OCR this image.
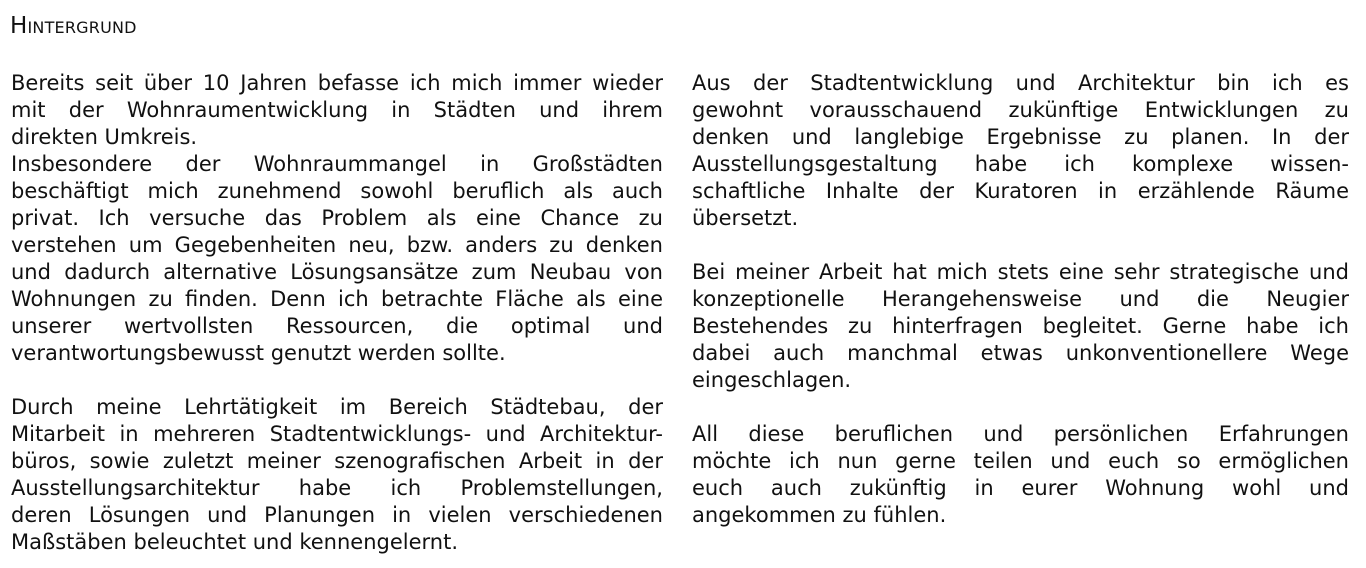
Hintergrund
Bereits seit über 10 Jahren befasse ich mich immer wieder
mit der Wohnraumentwicklung in Städten und ihrem
direkten Umkreis.
Insbesondere der Wohnraummangel in Großstädten
beschäftigt mich zunehmend sowohl beruflich als auch
privat. Ich versuche das Problem als eine Chance zu
verstehen um Gegebenheiten neu, bzw. anders zu denken
und dadurch alternative Lösungsansätze zum Neubau von
Wohnungen zu finden. Denn ich betrachte Fläche als eine
unserer wertvollsten Ressourcen, die optimal und
verantwortungsbewusst genutzt werden sollte.
Durch meine Lehrtätigkeit im Bereich Städtebau, der
Mitarbeit in mehreren Stadtentwicklungs- und Architektur-
büros, sowie zuletzt meiner szenografischen Arbeit in der
Ausstellungsarchitektur habe ich Problemstellungen,
deren Lösungen und Planungen in vielen verschiedenen
Maßstäben beleuchtet und kennengelernt.
Aus der Stadtentwicklung und Architektur bin ich es
gewohnt vorausschauend zukünftige Entwicklungen zu
denken und langlebige Ergebnisse zu planen. In der
Ausstellungsgestaltung habe ich komplexe wissen-
schaftliche Inhalte der Kuratoren in erzählende Räume
übersetzt.
Bei meiner Arbeit hat mich stets eine sehr strategische und
konzeptionelle Herangehensweise und die Neugier
Bestehendes zu hinterfragen begleitet. Gerne habe ich
dabei auch manchmal etwas unkonventionellere Wege
eingeschlagen.
All diese beruflichen und persönlichen Erfahrungen
möchte ich nun gerne teilen und euch so ermöglichen
euch auch zukünftig in eurer Wohnung wohl und
angekommen zu fühlen.
